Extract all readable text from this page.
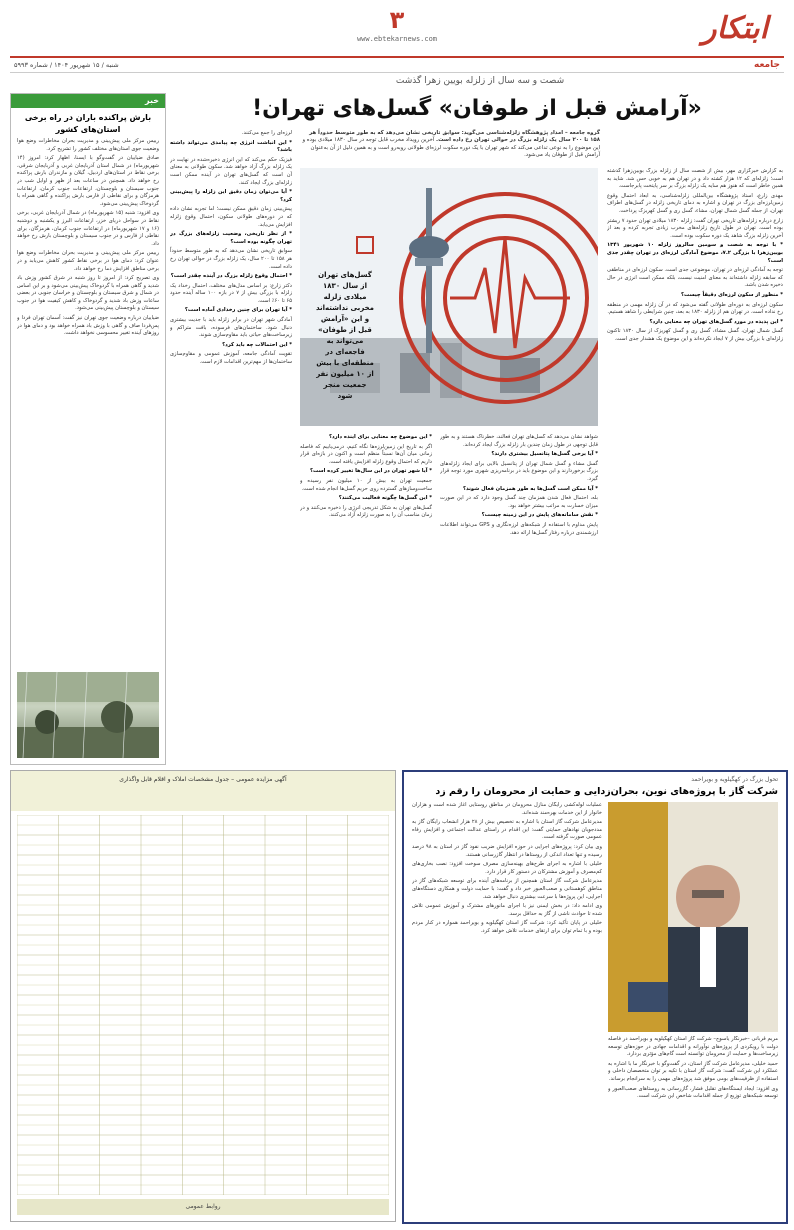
ابتکار
۳
www.ebtekarnews.com
جامعه
شنبه / ۱۵ شهریور ۱۴۰۴ / شماره ۵۹۹۳
خبر
بارش پراکنده باران در راه برخی استان‌های کشور

رییس مرکز ملی پیش‌بینی و مدیریت بحران مخاطرات وضع هوا وضعیت جوی استان‌های مختلف کشور را تشریح کرد.

صادق ضیاییان در گفت‌وگو با ایسنا، اظهار کرد: امروز (۱۴ شهریورماه) در شمال استان آذربایجان غربی و آذربایجان شرقی، برخی نقاط در استان‌های اردبیل، گیلان و مازندران بارش پراکنده رخ خواهد داد. همچنین در ساعات بعد از ظهر و اوایل شب در جنوب سیستان و بلوچستان، ارتفاعات جنوب کرمان، ارتفاعات هرمزگان و برای نقاطی از فارس بارش پراکنده و گاهی همراه با گردوخاک پیش‌بینی می‌شود.

وی افزود: شنبه (۱۵ شهریورماه) در شمال آذربایجان غربی، برخی نقاط در سواحل دریای خزر، ارتفاعات البرز و یکشنبه و دوشنبه (۱۶ و ۱۷ شهریورماه) در ارتفاعات جنوب کرمان، هرمزگان، برای نقاطی از فارس و در جنوب سیستان و بلوچستان بارش رخ خواهد داد.

رییس مرکز ملی پیش‌بینی و مدیریت بحران مخاطرات وضع هوا عنوان کرد: دمای هوا در برخی نقاط کشور کاهش می‌یابد و در برخی مناطق افزایش دما رخ خواهد داد.

وی تصریح کرد: از امروز تا روز شنبه در شرق کشور وزش باد شدید و گاهی همراه با گردوخاک پیش‌بینی می‌شود و بر این اساس در شمال و شرق سیستان و بلوچستان و خراسان جنوبی در بعضی ساعات وزش باد شدید و گردوخاک و کاهش کیفیت هوا در جنوب سیستان و بلوچستان پیش‌بینی می‌شود.

ضیاییان درباره وضعیت جوی تهران نیز گفت: آسمان تهران فردا و پس‌فردا صاف و گاهی با وزش باد همراه خواهد بود و دمای هوا در روزهای آینده تغییر محسوسی نخواهد داشت.

شصت و سه سال از زلزله بویین زهرا گذشت
«آرامش قبل از طوفان» گسل‌های تهران!
گروه جامعه – امداد پژوهشگاه زلزله‌شناسی می‌گوید: سوابق تاریخی نشان می‌دهد که به طور متوسط حدوداً هر ۱۵۸ تا ۲۰۰ سال یک زلزله بزرگ در حوالی تهران رخ داده است. آخرین رویداد مخرب قابل توجه در سال ۱۸۳۰ میلادی بوده و این موضوع را به نوعی تداعی می‌کند که شهر تهران با یک دوره سکوت لرزه‌ای طولانی روبه‌رو است و به همین دلیل از آن به‌عنوان آرامش قبل از طوفان یاد می‌شود.

به گزارش خبرگزاری مهر، بیش از شصت سال از زلزله بزرگ بویین‌زهرا گذشته است؛ زلزله‌ای که ۱۲ هزار کشته داد و در تهران هم به خوبی حس شد. شاید به همین خاطر است که هنوز هم سایه یک زلزله بزرگ بر سر پایتخت پابرجاست.

مهدی زارع، استاد پژوهشگاه بین‌المللی زلزله‌شناسی، به ابعاد احتمال وقوع زمین‌لرزه‌ای بزرگ در تهران و اشاره به دمای تاریخی زلزله در گسل‌های اطراف تهران، از جمله گسل شمال تهران، مشاء، گسل ری و گسل کهریزک پرداخت.

زارع درباره زلزله‌های تاریخی تهران گفت: زلزله ۱۸۳۰ میلادی تهران حدود ۷ ریشتر بوده است. تهران در طول تاریخ زلزله‌های مخرب زیادی تجربه کرده و بعد از آخرین زلزله بزرگ شاهد یک دوره سکوت بوده است.

* با توجه به شصت و سومین سالروز زلزله ۱۰ شهریور ۱۳۴۱ بویین‌زهرا با بزرگی ۷.۲، موضوع آمادگی لرزه‌ای در تهران چقدر جدی است؟

توجه به آمادگی لرزه‌ای در تهران، موضوعی جدی است. سکون لرزه‌ای در مناطقی که سابقه زلزله داشته‌اند به معنای امنیت نیست، بلکه ممکن است انرژی در حال ذخیره شدن باشد.

* منظور از سکون لرزه‌ای دقیقاً چیست؟

سکون لرزه‌ای به دوره‌ای طولانی گفته می‌شود که در آن زلزله مهمی در منطقه رخ نداده است. در تهران هم از زلزله ۱۸۳۰ به بعد، چنین شرایطی را شاهد هستیم.

* این پدیده در مورد گسل‌های تهران چه معنایی دارد؟

گسل شمال تهران، گسل مشاء، گسل ری و گسل کهریزک از سال ۱۸۳۰ تاکنون زلزله‌ای با بزرگی بیش از ۷ ایجاد نکرده‌اند و این موضوع یک هشدار جدی است.

گسل‌های تهران از سال ۱۸۳۰ میلادی زلزله مخربی نداشته‌اند و این «آرامش قبل از طوفان» می‌تواند به فاجعه‌ای در منطقه‌ای با بیش از ۱۰ میلیون نفر جمعیت منجر شود

شواهد نشان می‌دهد که گسل‌های تهران فعالند، خطرناک هستند و به طور قابل توجهی در طول زمان چندین بار زلزله بزرگ ایجاد کرده‌اند.

* آیا برخی گسل‌ها پتانسیل بیشتری دارند؟

گسل مشاء و گسل شمال تهران از پتانسیل بالایی برای ایجاد زلزله‌های بزرگ برخوردارند و این موضوع باید در برنامه‌ریزی شهری مورد توجه قرار گیرد.

* آیا ممکن است گسل‌ها به طور همزمان فعال شوند؟

بله، احتمال فعال شدن همزمان چند گسل وجود دارد که در این صورت میزان خسارت به مراتب بیشتر خواهد بود.

* نقش سامانه‌های پایش در این زمینه چیست؟

پایش مداوم با استفاده از شبکه‌های لرزه‌نگاری و GPS می‌تواند اطلاعات ارزشمندی درباره رفتار گسل‌ها ارائه دهد.

* این موضوع چه معنایی برای آینده دارد؟

اگر به تاریخ این زمین‌لرزه‌ها نگاه کنیم، درمی‌یابیم که فاصله زمانی میان آن‌ها نسبتاً منظم است و اکنون در بازه‌ای قرار داریم که احتمال وقوع زلزله افزایش یافته است.

* آیا شهر تهران در این سال‌ها تغییر کرده است؟

جمعیت تهران به بیش از ۱۰ میلیون نفر رسیده و ساخت‌وسازهای گسترده روی حریم گسل‌ها انجام شده است.

* این گسل‌ها چگونه فعالیت می‌کنند؟

گسل‌های تهران به شکل تدریجی انرژی را ذخیره می‌کنند و در زمان مناسب آن را به صورت زلزله آزاد می‌کنند.

لرزه‌ای را جمع می‌کنند.

* این انباشت انرژی چه پیامدی می‌تواند داشته باشد؟

فیزیک حکم می‌کند که این انرژی ذخیره‌شده در نهایت در یک زلزله بزرگ آزاد خواهد شد. سکون طولانی به معنای آن است که گسل‌های تهران در آینده ممکن است زلزله‌ای بزرگ ایجاد کنند.

* آیا می‌توان زمان دقیق این زلزله را پیش‌بینی کرد؟

پیش‌بینی زمان دقیق ممکن نیست؛ اما تجربه نشان داده که در دوره‌های طولانی سکون، احتمال وقوع زلزله افزایش می‌یابد.

* از نظر تاریخی، وضعیت زلزله‌های بزرگ در تهران چگونه بوده است؟

سوابق تاریخی نشان می‌دهد که به طور متوسط حدوداً هر ۱۵۸ تا ۲۰۰ سال، یک زلزله بزرگ در حوالی تهران رخ داده است.

* احتمال وقوع زلزله بزرگ در آینده چقدر است؟

دکتر زارع: بر اساس مدل‌های مختلف، احتمال رخداد یک زلزله با بزرگی بیش از ۷ در بازه ۱۰۰ ساله آینده حدود ۶۵ تا ۶۰٪ است.

* آیا تهران برای چنین رخدادی آماده است؟

آمادگی شهر تهران در برابر زلزله باید با جدیت بیشتری دنبال شود. ساختمان‌های فرسوده، بافت متراکم و زیرساخت‌های حیاتی باید مقاوم‌سازی شوند.

* این احتمالات چه باید کرد؟

تقویت آمادگی جامعه، آموزش عمومی و مقاوم‌سازی ساختمان‌ها از مهم‌ترین اقدامات لازم است.

تحول بزرگ در کهگیلویه و بویراحمد
شرکت گاز با پروژه‌های نوین، بحران‌زدایی و حمایت از محرومان را رقم زد

مریم قربانی –خبرنگار یاسوج– شرکت گاز استان کهگیلویه و بویراحمد در فاصله دولت با رویکردی از پروژه‌های نوآورانه و اقدامات جهادی در حوزه‌های توسعه زیرساخت‌ها و حمایت از محرومان توانسته است گام‌های مؤثری بردارد.

حمید خلیلی، مدیرعامل شرکت گاز استان، در گفت‌وگو با خبرنگار ما با اشاره به عملکرد این شرکت گفت: شرکت گاز استان با تکیه بر توان متخصصان داخلی و استفاده از ظرفیت‌های بومی موفق شد پروژه‌های مهمی را به سرانجام برساند.

وی افزود: ایجاد ایستگاه‌های تقلیل فشار، گازرسانی به روستاهای صعب‌العبور و توسعه شبکه‌های توزیع از جمله اقدامات شاخص این شرکت است.

عملیات لوله‌کشی رایگان منازل محرومان در مناطق روستایی آغاز شده است و هزاران خانوار از این خدمات بهره‌مند شده‌اند.

مدیرعامل شرکت گاز استان با اشاره به تخصیص بیش از ۲۸ هزار انشعاب رایگان گاز به مددجویان نهادهای حمایتی گفت: این اقدام در راستای عدالت اجتماعی و افزایش رفاه عمومی صورت گرفته است.

وی بیان کرد: پروژه‌های اجرایی در حوزه افزایش ضریب نفوذ گاز در استان به ۹۸ درصد رسیده و تنها تعداد اندکی از روستاها در انتظار گازرسانی هستند.

خلیلی با اشاره به اجرای طرح‌های بهینه‌سازی مصرف سوخت افزود: نصب بخاری‌های کم‌مصرف و آموزش مشترکان در دستور کار قرار دارد.

مدیرعامل شرکت گاز استان همچنین از برنامه‌های آینده برای توسعه شبکه‌های گاز در مناطق کوهستانی و صعب‌العبور خبر داد و گفت: با حمایت دولت و همکاری دستگاه‌های اجرایی، این پروژه‌ها با سرعت بیشتری دنبال خواهد شد.

وی ادامه داد: در بخش ایمنی نیز با اجرای مانورهای مشترک و آموزش عمومی تلاش شده تا حوادث ناشی از گاز به حداقل برسد.

خلیلی در پایان تأکید کرد: شرکت گاز استان کهگیلویه و بویراحمد همواره در کنار مردم بوده و با تمام توان برای ارتقای خدمات تلاش خواهد کرد.

آگهی مزایده عمومی – جدول مشخصات املاک و اقلام قابل واگذاری
روابط عمومی
